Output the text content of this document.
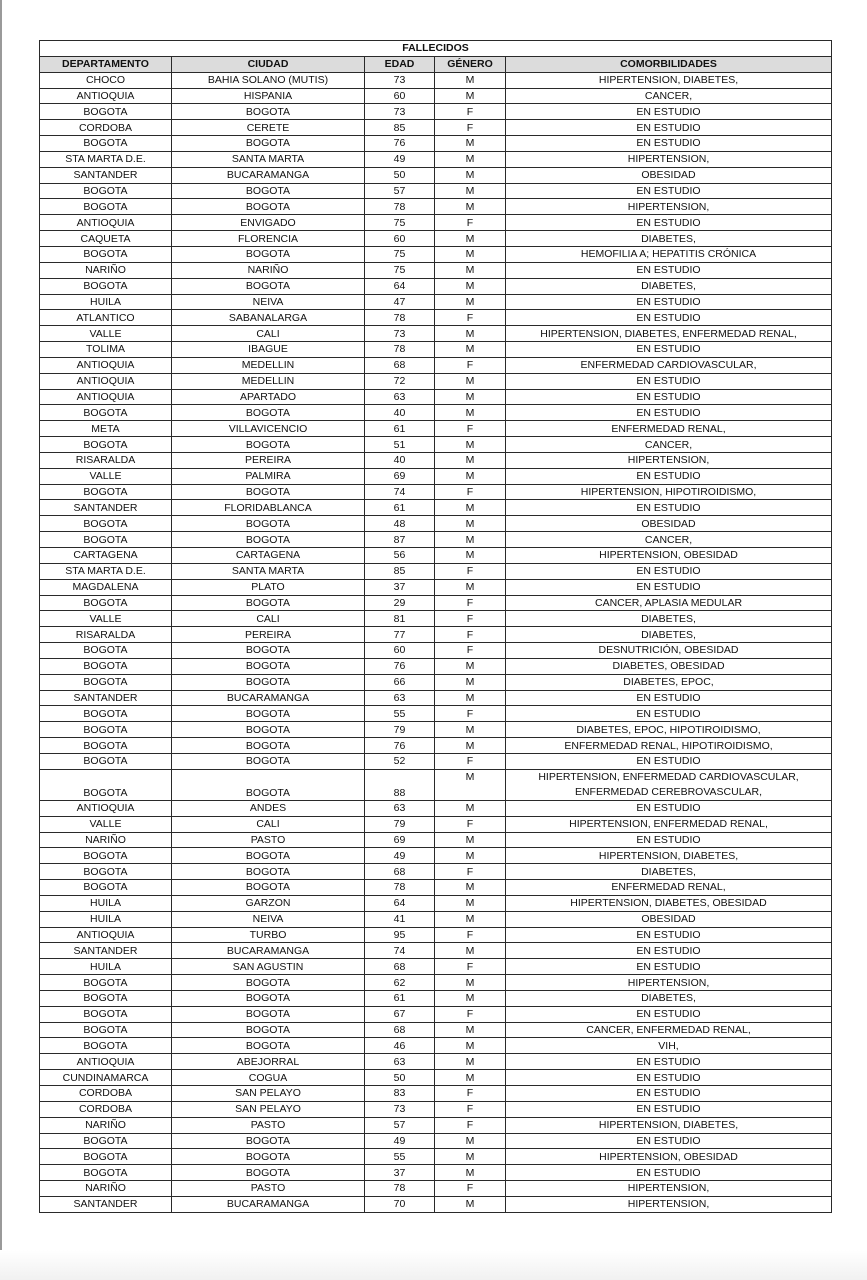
FALLECIDOS				
DEPARTAMENTO	CIUDAD	EDAD	GÉNERO	COMORBILIDADES
CHOCO	BAHIA SOLANO (MUTIS)	73	M	HIPERTENSION, DIABETES,
ANTIOQUIA	HISPANIA	60	M	CANCER,
BOGOTA	BOGOTA	73	F	EN ESTUDIO
CORDOBA	CERETE	85	F	EN ESTUDIO
BOGOTA	BOGOTA	76	M	EN ESTUDIO
STA MARTA D.E.	SANTA MARTA	49	M	HIPERTENSION,
SANTANDER	BUCARAMANGA	50	M	OBESIDAD
BOGOTA	BOGOTA	57	M	EN ESTUDIO
BOGOTA	BOGOTA	78	M	HIPERTENSION,
ANTIOQUIA	ENVIGADO	75	F	EN ESTUDIO
CAQUETA	FLORENCIA	60	M	DIABETES,
BOGOTA	BOGOTA	75	M	HEMOFILIA A; HEPATITIS CRÓNICA
NARIÑO	NARIÑO	75	M	EN ESTUDIO
BOGOTA	BOGOTA	64	M	DIABETES,
HUILA	NEIVA	47	M	EN ESTUDIO
ATLANTICO	SABANALARGA	78	F	EN ESTUDIO
VALLE	CALI	73	M	HIPERTENSION, DIABETES, ENFERMEDAD RENAL,
TOLIMA	IBAGUE	78	M	EN ESTUDIO
ANTIOQUIA	MEDELLIN	68	F	ENFERMEDAD CARDIOVASCULAR,
ANTIOQUIA	MEDELLIN	72	M	EN ESTUDIO
ANTIOQUIA	APARTADO	63	M	EN ESTUDIO
BOGOTA	BOGOTA	40	M	EN ESTUDIO
META	VILLAVICENCIO	61	F	ENFERMEDAD RENAL,
BOGOTA	BOGOTA	51	M	CANCER,
RISARALDA	PEREIRA	40	M	HIPERTENSION,
VALLE	PALMIRA	69	M	EN ESTUDIO
BOGOTA	BOGOTA	74	F	HIPERTENSION, HIPOTIROIDISMO,
SANTANDER	FLORIDABLANCA	61	M	EN ESTUDIO
BOGOTA	BOGOTA	48	M	OBESIDAD
BOGOTA	BOGOTA	87	M	CANCER,
CARTAGENA	CARTAGENA	56	M	HIPERTENSION, OBESIDAD
STA MARTA D.E.	SANTA MARTA	85	F	EN ESTUDIO
MAGDALENA	PLATO	37	M	EN ESTUDIO
BOGOTA	BOGOTA	29	F	CANCER, APLASIA MEDULAR
VALLE	CALI	81	F	DIABETES,
RISARALDA	PEREIRA	77	F	DIABETES,
BOGOTA	BOGOTA	60	F	DESNUTRICIÓN, OBESIDAD
BOGOTA	BOGOTA	76	M	DIABETES, OBESIDAD
BOGOTA	BOGOTA	66	M	DIABETES, EPOC,
SANTANDER	BUCARAMANGA	63	M	EN ESTUDIO
BOGOTA	BOGOTA	55	F	EN ESTUDIO
BOGOTA	BOGOTA	79	M	DIABETES, EPOC, HIPOTIROIDISMO,
BOGOTA	BOGOTA	76	M	ENFERMEDAD RENAL, HIPOTIROIDISMO,
BOGOTA	BOGOTA	52	F	EN ESTUDIO
BOGOTA	BOGOTA	88	M	HIPERTENSION, ENFERMEDAD CARDIOVASCULAR, ENFERMEDAD CEREBROVASCULAR,
ANTIOQUIA	ANDES	63	M	EN ESTUDIO
VALLE	CALI	79	F	HIPERTENSION, ENFERMEDAD RENAL,
NARIÑO	PASTO	69	M	EN ESTUDIO
BOGOTA	BOGOTA	49	M	HIPERTENSION, DIABETES,
BOGOTA	BOGOTA	68	F	DIABETES,
BOGOTA	BOGOTA	78	M	ENFERMEDAD RENAL,
HUILA	GARZON	64	M	HIPERTENSION, DIABETES, OBESIDAD
HUILA	NEIVA	41	M	OBESIDAD
ANTIOQUIA	TURBO	95	F	EN ESTUDIO
SANTANDER	BUCARAMANGA	74	M	EN ESTUDIO
HUILA	SAN AGUSTIN	68	F	EN ESTUDIO
BOGOTA	BOGOTA	62	M	HIPERTENSION,
BOGOTA	BOGOTA	61	M	DIABETES,
BOGOTA	BOGOTA	67	F	EN ESTUDIO
BOGOTA	BOGOTA	68	M	CANCER, ENFERMEDAD RENAL,
BOGOTA	BOGOTA	46	M	VIH,
ANTIOQUIA	ABEJORRAL	63	M	EN ESTUDIO
CUNDINAMARCA	COGUA	50	M	EN ESTUDIO
CORDOBA	SAN PELAYO	83	F	EN ESTUDIO
CORDOBA	SAN PELAYO	73	F	EN ESTUDIO
NARIÑO	PASTO	57	F	HIPERTENSION, DIABETES,
BOGOTA	BOGOTA	49	M	EN ESTUDIO
BOGOTA	BOGOTA	55	M	HIPERTENSION, OBESIDAD
BOGOTA	BOGOTA	37	M	EN ESTUDIO
NARIÑO	PASTO	78	F	HIPERTENSION,
SANTANDER	BUCARAMANGA	70	M	HIPERTENSION,
